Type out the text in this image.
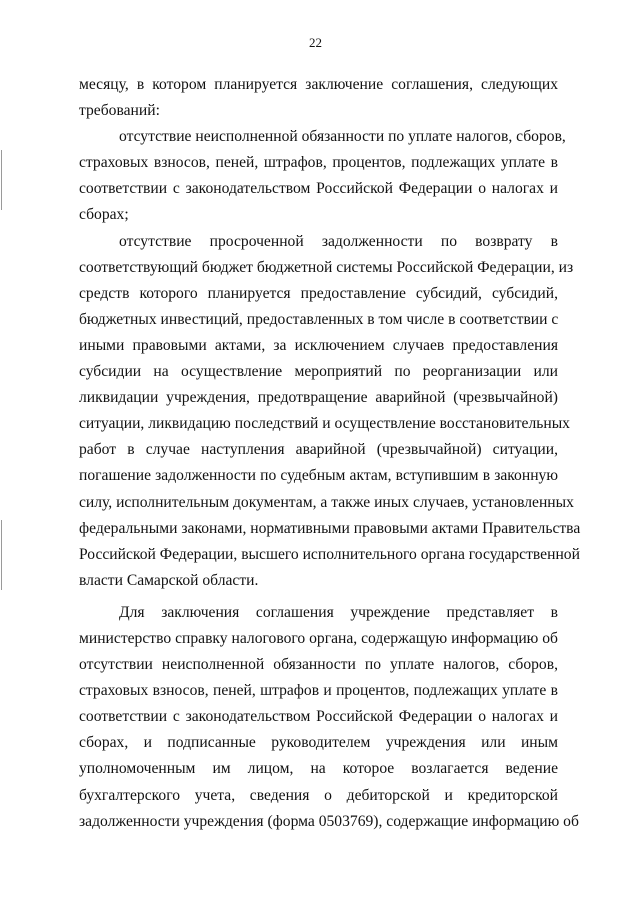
22
месяцу, в котором планируется заключение соглашения, следующих
требований:
отсутствие неисполненной обязанности по уплате налогов, сборов,
страховых взносов, пеней, штрафов, процентов, подлежащих уплате в
соответствии с законодательством Российской Федерации о налогах и
сборах;
отсутствие просроченной задолженности по возврату в
соответствующий бюджет бюджетной системы Российской Федерации, из
средств которого планируется предоставление субсидий, субсидий,
бюджетных инвестиций, предоставленных в том числе в соответствии с
иными правовыми актами, за исключением случаев предоставления
субсидии на осуществление мероприятий по реорганизации или
ликвидации учреждения, предотвращение аварийной (чрезвычайной)
ситуации, ликвидацию последствий и осуществление восстановительных
работ в случае наступления аварийной (чрезвычайной) ситуации,
погашение задолженности по судебным актам, вступившим в законную
силу, исполнительным документам, а также иных случаев, установленных
федеральными законами, нормативными правовыми актами Правительства
Российской Федерации, высшего исполнительного органа государственной
власти Самарской области.
Для заключения соглашения учреждение представляет в
министерство справку налогового органа, содержащую информацию об
отсутствии неисполненной обязанности по уплате налогов, сборов,
страховых взносов, пеней, штрафов и процентов, подлежащих уплате в
соответствии с законодательством Российской Федерации о налогах и
сборах, и подписанные руководителем учреждения или иным
уполномоченным им лицом, на которое возлагается ведение
бухгалтерского учета, сведения о дебиторской и кредиторской
задолженности учреждения (форма 0503769), содержащие информацию об
